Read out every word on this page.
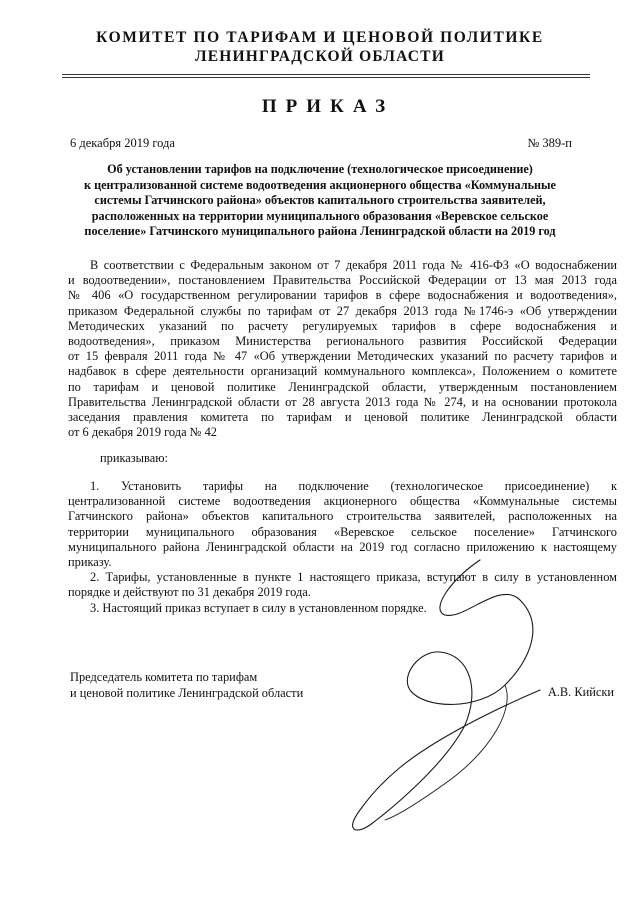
КОМИТЕТ ПО ТАРИФАМ И ЦЕНОВОЙ ПОЛИТИКЕ
ЛЕНИНГРАДСКОЙ ОБЛАСТИ
ПРИКАЗ
6 декабря 2019 года	№ 389-п
Об установлении тарифов на подключение (технологическое присоединение)
к централизованной системе водоотведения акционерного общества «Коммунальные
системы Гатчинского района» объектов капитального строительства заявителей,
расположенных на территории муниципального образования «Веревское сельское
поселение» Гатчинского муниципального района Ленинградской области на 2019 год
В соответствии с Федеральным законом от 7 декабря 2011 года № 416-ФЗ «О водоснабжении
и водоотведении», постановлением Правительства Российской Федерации от 13 мая 2013 года
№ 406 «О государственном регулировании тарифов в сфере водоснабжения и водоотведения»,
приказом Федеральной службы по тарифам от 27 декабря 2013 года №1746-э «Об утверждении
Методических указаний по расчету регулируемых тарифов в сфере водоснабжения и
водоотведения», приказом Министерства регионального развития Российской Федерации
от 15 февраля 2011 года № 47 «Об утверждении Методических указаний по расчету тарифов и
надбавок в сфере деятельности организаций коммунального комплекса», Положением о комитете
по тарифам и ценовой политике Ленинградской области, утвержденным постановлением
Правительства Ленинградской области от 28 августа 2013 года № 274, и на основании протокола
заседания правления комитета по тарифам и ценовой политике Ленинградской области
от 6 декабря 2019 года № 42
приказываю:
1. Установить тарифы на подключение (технологическое присоединение) к
централизованной системе водоотведения акционерного общества «Коммунальные системы
Гатчинского района» объектов капитального строительства заявителей, расположенных на
территории муниципального образования «Веревское сельское поселение» Гатчинского
муниципального района Ленинградской области на 2019 год согласно приложению к настоящему
приказу.
2. Тарифы, установленные в пункте 1 настоящего приказа, вступают в силу в установленном
порядке и действуют по 31 декабря 2019 года.
3. Настоящий приказ вступает в силу в установленном порядке.
Председатель комитета по тарифам
и ценовой политике Ленинградской области	А.В. Кийски
